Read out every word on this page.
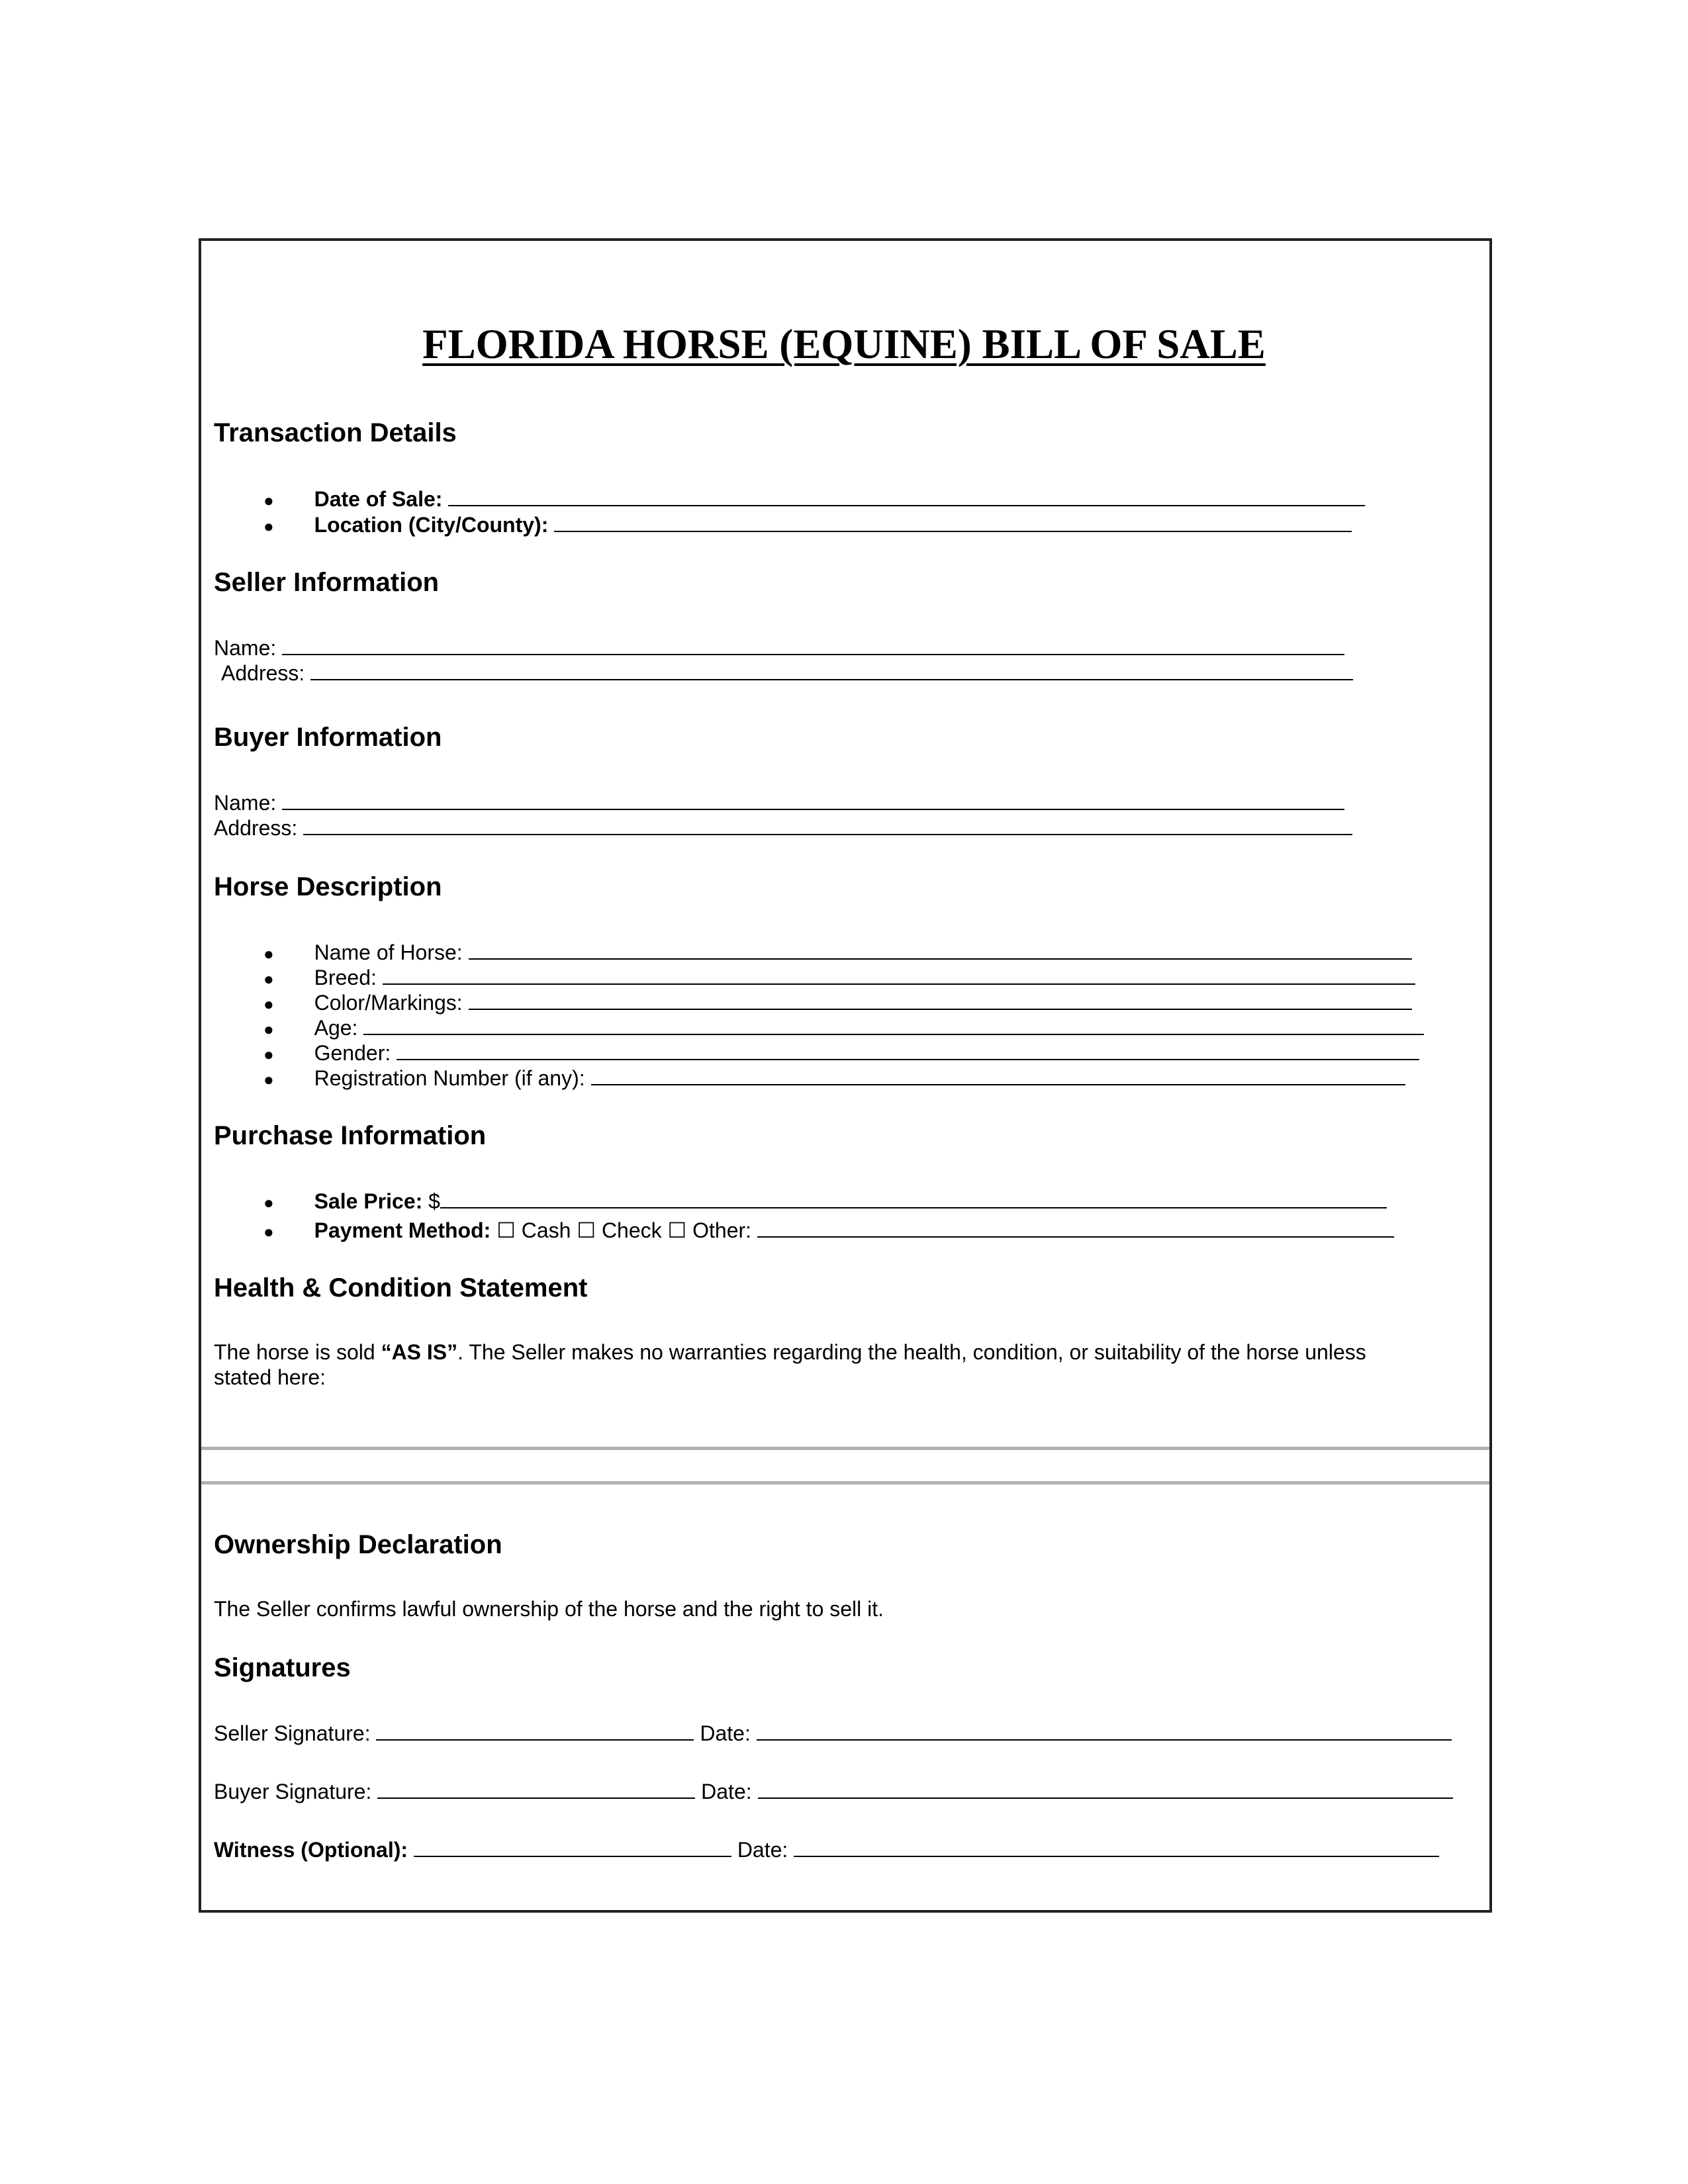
FLORIDA HORSE (EQUINE) BILL OF SALE
Transaction Details
● Date of Sale:
● Location (City/County):
Seller Information
Name:
Address:
Buyer Information
Name:
Address:
Horse Description
● Name of Horse:
● Breed:
● Color/Markings:
● Age:
● Gender:
● Registration Number (if any):
Purchase Information
● Sale Price: $
● Payment Method: ☐ Cash ☐ Check ☐ Other:
Health & Condition Statement
The horse is sold “AS IS”. The Seller makes no warranties regarding the health, condition, or suitability of the horse unless
stated here:
Ownership Declaration
The Seller confirms lawful ownership of the horse and the right to sell it.
Signatures
Seller Signature:	Date:
Buyer Signature:	Date:
Witness (Optional):	Date:
